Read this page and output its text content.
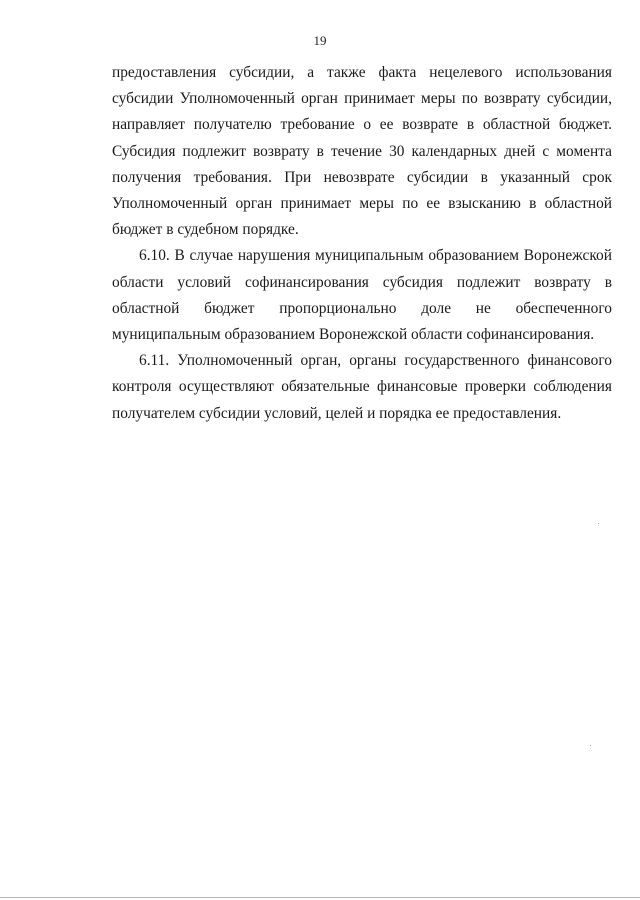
19

предоставления субсидии, а также факта нецелевого использования субсидии Уполномоченный орган принимает меры по возврату субсидии, направляет получателю требование о ее возврате в областной бюджет. Субсидия подлежит возврату в течение 30 календарных дней с момента получения требования. При невозврате субсидии в указанный срок Уполномоченный орган принимает меры по ее взысканию в областной бюджет в судебном порядке.

6.10. В случае нарушения муниципальным образованием Воронежской области условий софинансирования субсидия подлежит возврату в областной бюджет пропорционально доле не обеспеченного муниципальным образованием Воронежской области софинансирования.

6.11. Уполномоченный орган, органы государственного финансового контроля осуществляют обязательные финансовые проверки соблюдения получателем субсидии условий, целей и порядка ее предоставления.
